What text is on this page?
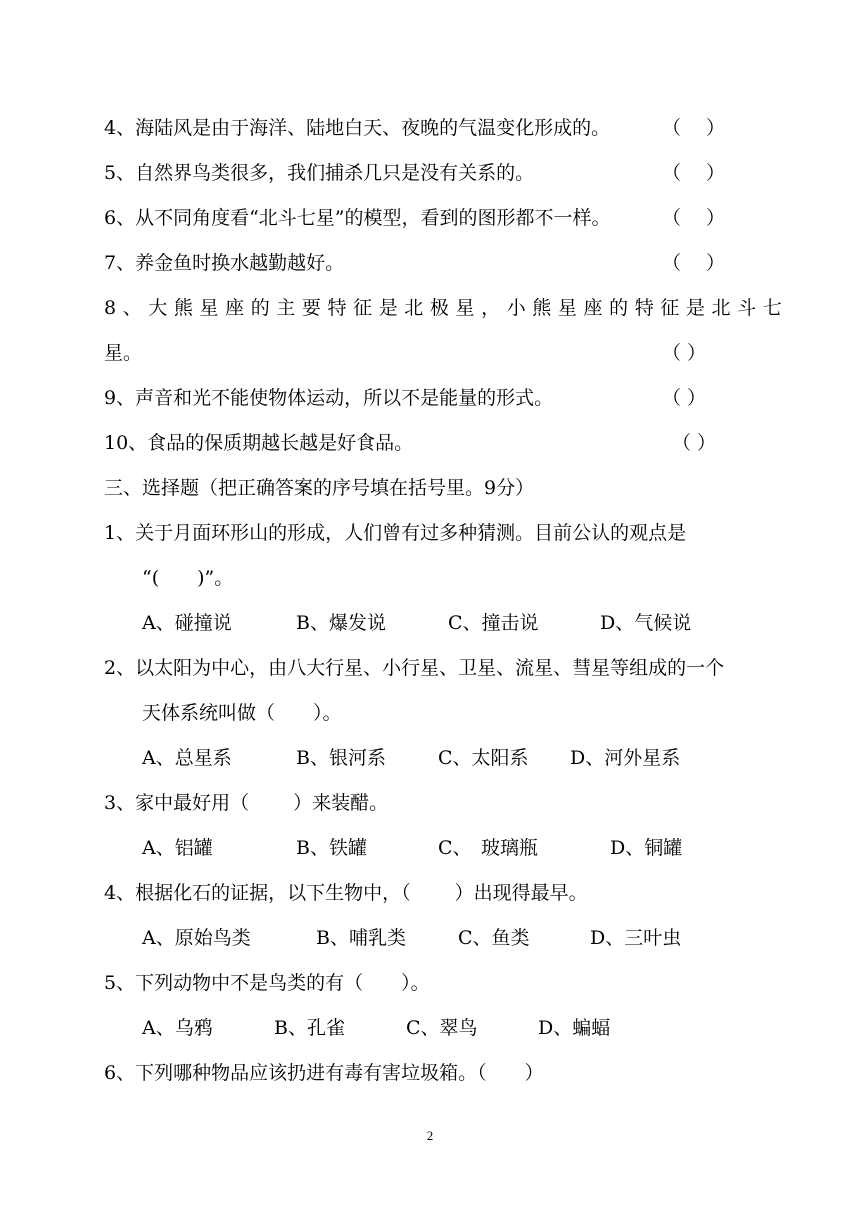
4、海陆风是由于海洋、陆地白天、夜晚的气温变化形成的。	（　 ）
5、自然界鸟类很多，我们捕杀几只是没有关系的。	（　 ）
6、从不同角度看“北斗七星”的模型，看到的图形都不一样。	（　 ）
7、养金鱼时换水越勤越好。	（　 ）
8、大熊星座的主要特征是北极星，小熊星座的特征是北斗七
星。	（ ）
9、声音和光不能使物体运动，所以不是能量的形式。	（ ）
10、食品的保质期越长越是好食品。	（ ）
三、选择题（把正确答案的序号填在括号里。9分）
1、关于月面环形山的形成，人们曾有过多种猜测。目前公认的观点是
“(　　)”。
A、碰撞说	B、爆发说	C、撞击说	D、气候说
2、以太阳为中心，由八大行星、小行星、卫星、流星、彗星等组成的一个
天体系统叫做（　　）。
A、总星系	B、银河系	C、太阳系 D、河外星系
3、家中最好用（　　 ）来装醋。
A、铝罐	B、铁罐	C、　玻璃瓶	D、铜罐
4、根据化石的证据，以下生物中，（　　 ）出现得最早。
A、原始鸟类	B、哺乳类	C、鱼类	D、三叶虫
5、下列动物中不是鸟类的有（　　）。
A、乌鸦	B、孔雀	C、翠鸟	D、蝙蝠
6、下列哪种物品应该扔进有毒有害垃圾箱。（　　）
2
